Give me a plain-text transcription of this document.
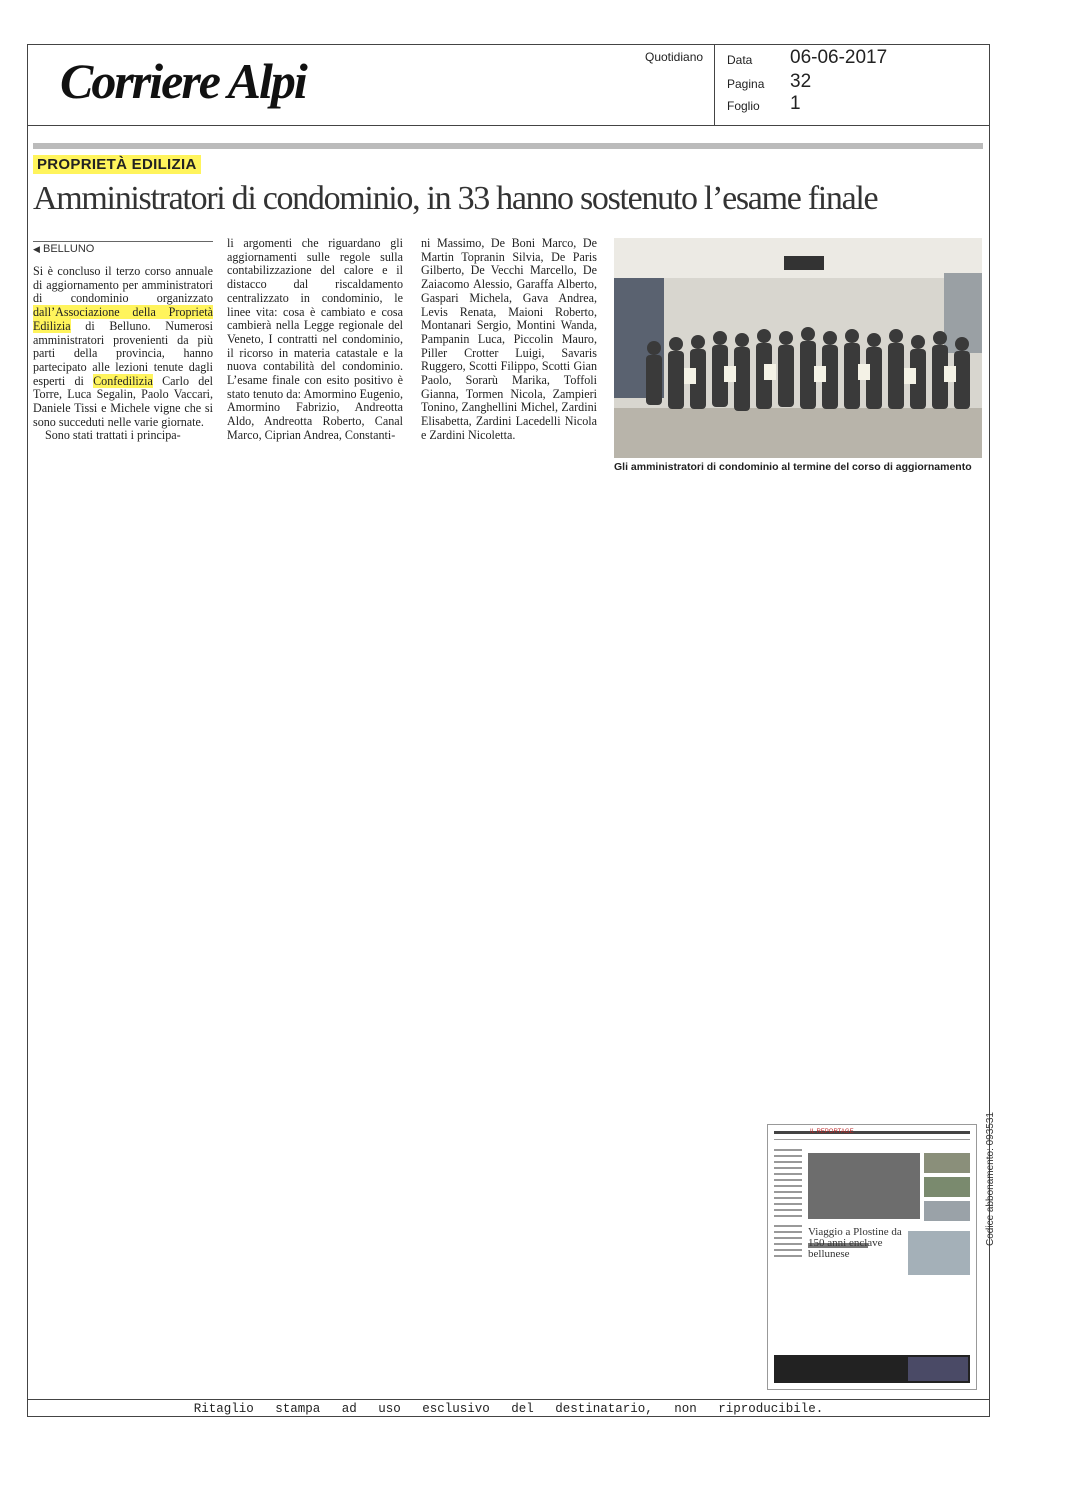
Corriere Alpi	Quotidiano Data 06-06-2017
Pagina 32
Foglio 1
PROPRIETÀ EDILIZIA
Amministratori di condominio, in 33 hanno sostenuto l’esame finale
◀ BELLUNO

Si è concluso il terzo corso annuale di aggiornamento per amministratori di condominio organizzato dall’Associazione della Proprietà Edilizia di Belluno. Numerosi amministratori provenienti da più parti della provincia, hanno partecipato alle lezioni tenute dagli esperti di Confedilizia Carlo del Torre, Luca Segalin, Paolo Vaccari, Daniele Tissi e Michele vigne che si sono succeduti nelle varie giornate.

Sono stati trattati i principa-

li argomenti che riguardano gli aggiornamenti sulle regole sulla contabilizzazione del calore e il distacco dal riscaldamento centralizzato in condominio, le linee vita: cosa è cambiato e cosa cambierà nella Legge regionale del Veneto, I contratti nel condominio, il ricorso in materia catastale e la nuova contabilità del condominio. L’esame finale con esito positivo è stato tenuto da: Amormino Eugenio, Amormino Fabrizio, Andreotta Aldo, Andreotta Roberto, Canal Marco, Ciprian Andrea, Constanti-
ni Massimo, De Boni Marco, De Martin Topranin Silvia, De Paris Gilberto, De Vecchi Marcello, De Zaiacomo Alessio, Garaffa Alberto, Gaspari Michela, Gava Andrea, Levis Renata, Maioni Roberto, Montanari Sergio, Montini Wanda, Pampanin Luca, Piccolin Mauro, Piller Crotter Luigi, Savaris Ruggero, Scotti Filippo, Scotti Gian Paolo, Sorarù Marika, Toffoli Gianna, Tormen Nicola, Zampieri Tonino, Zanghellini Michel, Zardini Elisabetta, Zardini Lacedelli Nicola e Zardini Nicoletta.
Gli amministratori di condominio al termine del corso di aggiornamento
IL REPORTAGE
Viaggio a Plostine da 150 anni enclave bellunese
Codice abbonamento: 093531
Ritaglio stampa ad uso esclusivo del destinatario, non riproducibile.
